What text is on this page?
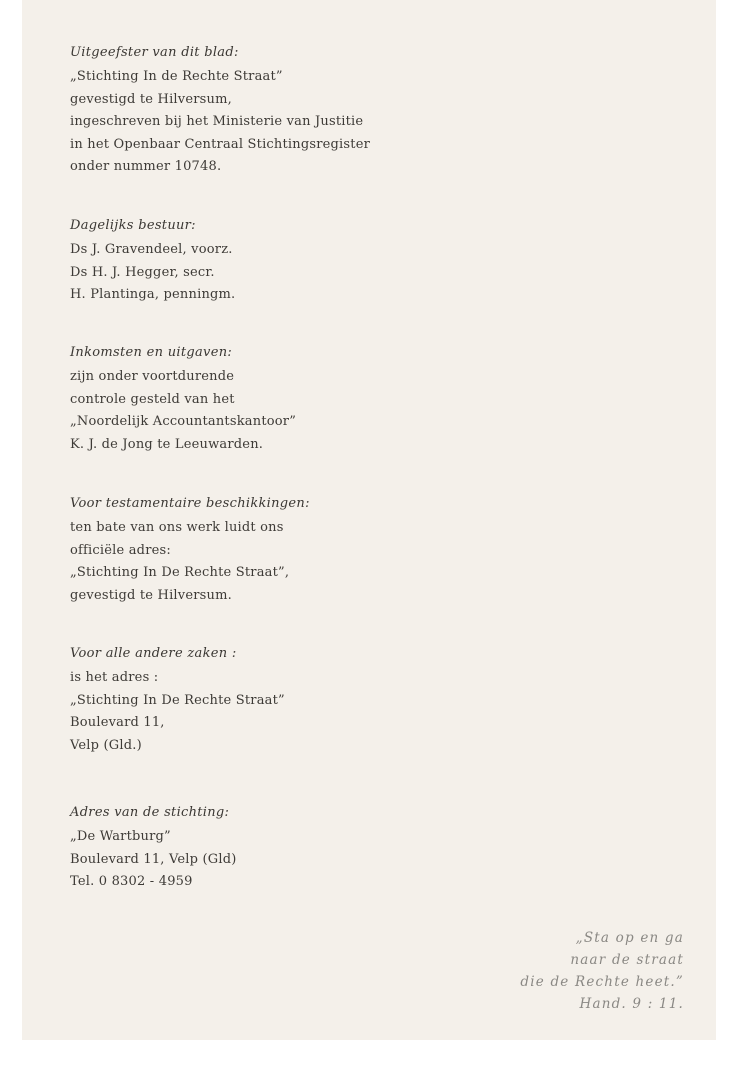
Uitgeefster van dit blad:
„Stichting In de Rechte Straat”
gevestigd te Hilversum,
ingeschreven bij het Ministerie van Justitie
in het Openbaar Centraal Stichtingsregister
onder nummer 10748.
Dagelijks bestuur:
Ds J. Gravendeel, voorz.
Ds H. J. Hegger, secr.
H. Plantinga, penningm.
Inkomsten en uitgaven:
zijn onder voortdurende
controle gesteld van het
„Noordelijk Accountantskantoor”
K. J. de Jong te Leeuwarden.
Voor testamentaire beschikkingen:
ten bate van ons werk luidt ons
officiële adres:
„Stichting In De Rechte Straat”,
gevestigd te Hilversum.
Voor alle andere zaken :
is het adres :
„Stichting In De Rechte Straat”
Boulevard 11,
Velp (Gld.)
Adres van de stichting:
„De Wartburg”
Boulevard 11, Velp (Gld)
Tel. 0 8302 - 4959
„Sta op en ga
naar de straat
die de Rechte heet.”
Hand. 9 : 11.
